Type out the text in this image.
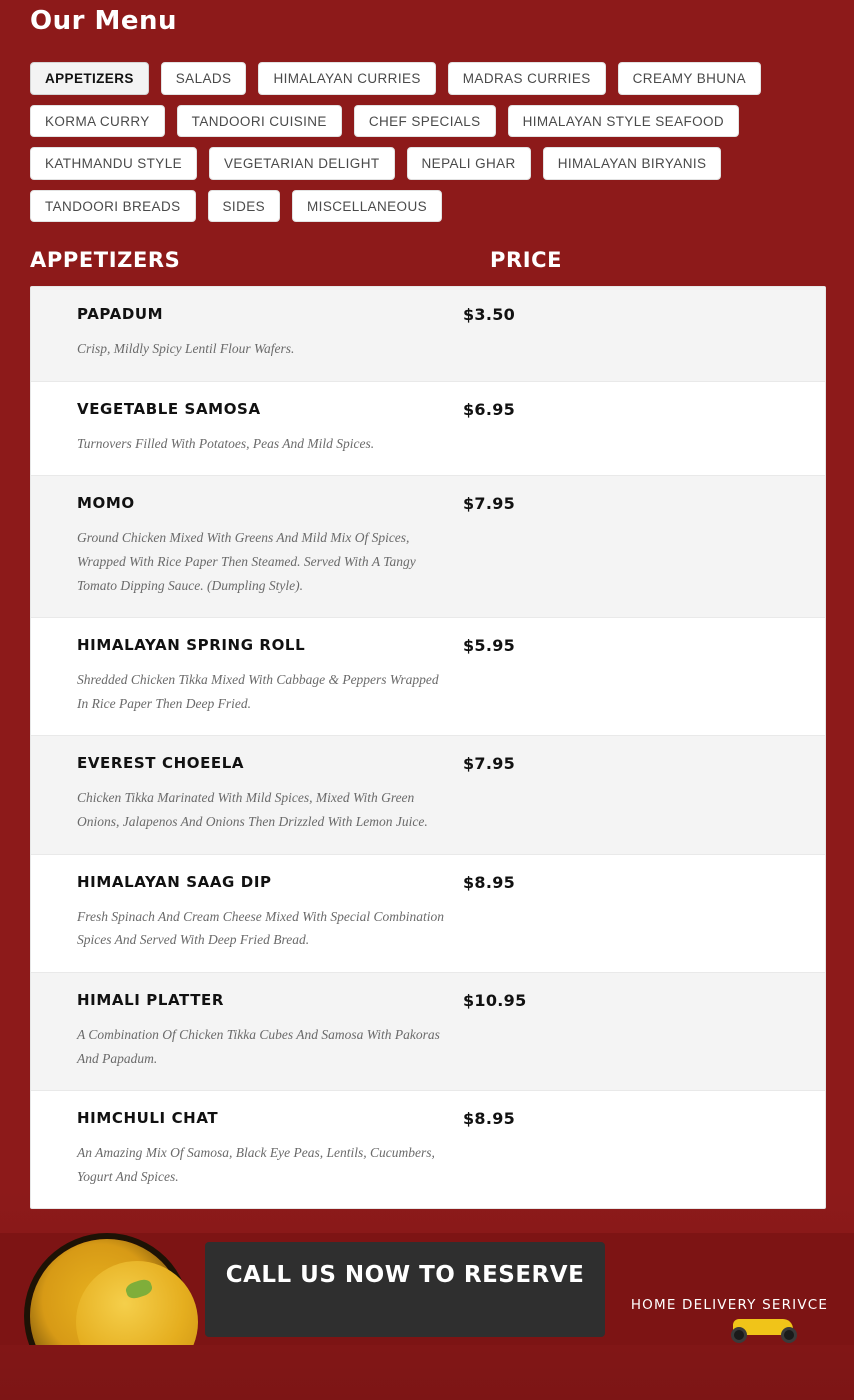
Our Menu
APPETIZERS	SALADS	HIMALAYAN CURRIES	MADRAS CURRIES	CREAMY BHUNA
KORMA CURRY	TANDOORI CUISINE	CHEF SPECIALS	HIMALAYAN STYLE SEAFOOD
KATHMANDU STYLE	VEGETARIAN DELIGHT	NEPALI GHAR	HIMALAYAN BIRYANIS
TANDOORI BREADS	SIDES	MISCELLANEOUS
APPETIZERS	PRICE
PAPADUM
Crisp, Mildly Spicy Lentil Flour Wafers.
$3.50
VEGETABLE SAMOSA
Turnovers Filled With Potatoes, Peas And Mild Spices.
$6.95
MOMO
Ground Chicken Mixed With Greens And Mild Mix Of Spices, Wrapped With Rice Paper Then Steamed. Served With A Tangy Tomato Dipping Sauce. (Dumpling Style).
$7.95
HIMALAYAN SPRING ROLL
Shredded Chicken Tikka Mixed With Cabbage & Peppers Wrapped In Rice Paper Then Deep Fried.
$5.95
EVEREST CHOEELA
Chicken Tikka Marinated With Mild Spices, Mixed With Green Onions, Jalapenos And Onions Then Drizzled With Lemon Juice.
$7.95
HIMALAYAN SAAG DIP
Fresh Spinach And Cream Cheese Mixed With Special Combination Spices And Served With Deep Fried Bread.
$8.95
HIMALI PLATTER
A Combination Of Chicken Tikka Cubes And Samosa With Pakoras And Papadum.
$10.95
HIMCHULI CHAT
An Amazing Mix Of Samosa, Black Eye Peas, Lentils, Cucumbers, Yogurt And Spices.
$8.95
CALL US NOW TO RESERVE
HOME DELIVERY SERIVCE
